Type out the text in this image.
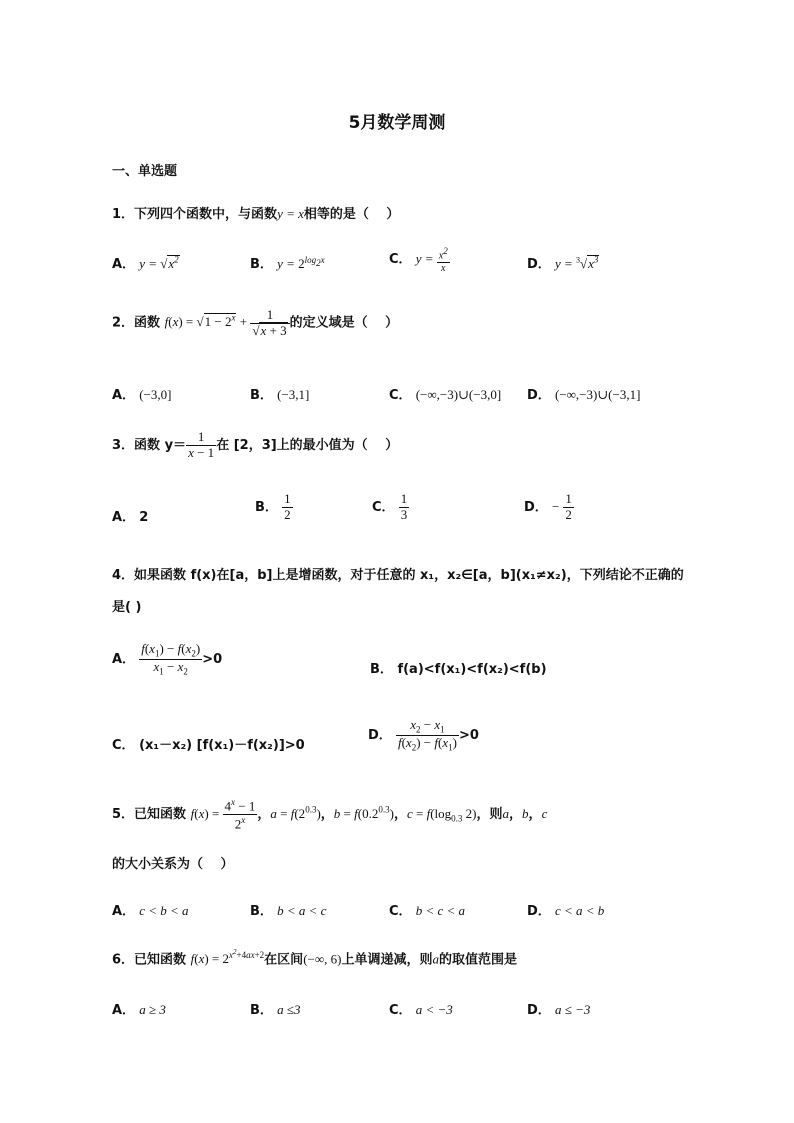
5月数学周测
一、单选题
1．下列四个函数中，与函数y = x相等的是（　 ）
A． $y = √x^2$	B． $y = 2^{log_2x}$	C． $y = \frac{x^2}{x}$	D． $y = ^3√x^3$
2．函数 $f(x) = √1 - 2^x + \frac{1}{√x + 3}$ 的定义域是（　 ）
A． (−3,0]	B． (−3,1]	C． (−∞,−3)∪(−3,0] D． (−∞,−3)∪(−3,1]
3．函数 $y= \frac{1}{x - 1}$ 在 [2，3]上的最小值为（　 ）
A． 2
B． $\frac{1}{2}$	C． $\frac{1}{3}$	D． − $\frac{1}{2}$
4．如果函数 f(x)在[a，b]上是增函数，对于任意的 x₁，x₂∈[a，b](x₁≠x₂)，下列结论不正确的
是( )
A． $\frac{f(x_1) - f(x_2)}{x_1 - x_2} >0$
B． f(a)<f(x₁)<f(x₂)<f(b)
C． (x₁－x₂) [f(x₁)－f(x₂)]>0
D． $\frac{x_2 - x_1}{f(x_2) - f(x_1)} >0$
5．已知函数 $f(x) = \frac{4^x - 1}{2^x}$ ，$a = f(2^{0.3})$，$b = f(0.2^{0.3})$，$c = f(\log_{0.3}$ 2)，则a，b，c
的大小关系为（　 ）
A． c < b < a	B． b < a < c	C． b < c < a	D． c < a < b
6．已知函数 $f(x) = 2^{x^2+4ax+2}$在区间(−∞, 6)上单调递减，则a的取值范围是
A． a ≥ 3	B． a ≤3	C． a < −3	D． a ≤ −3
